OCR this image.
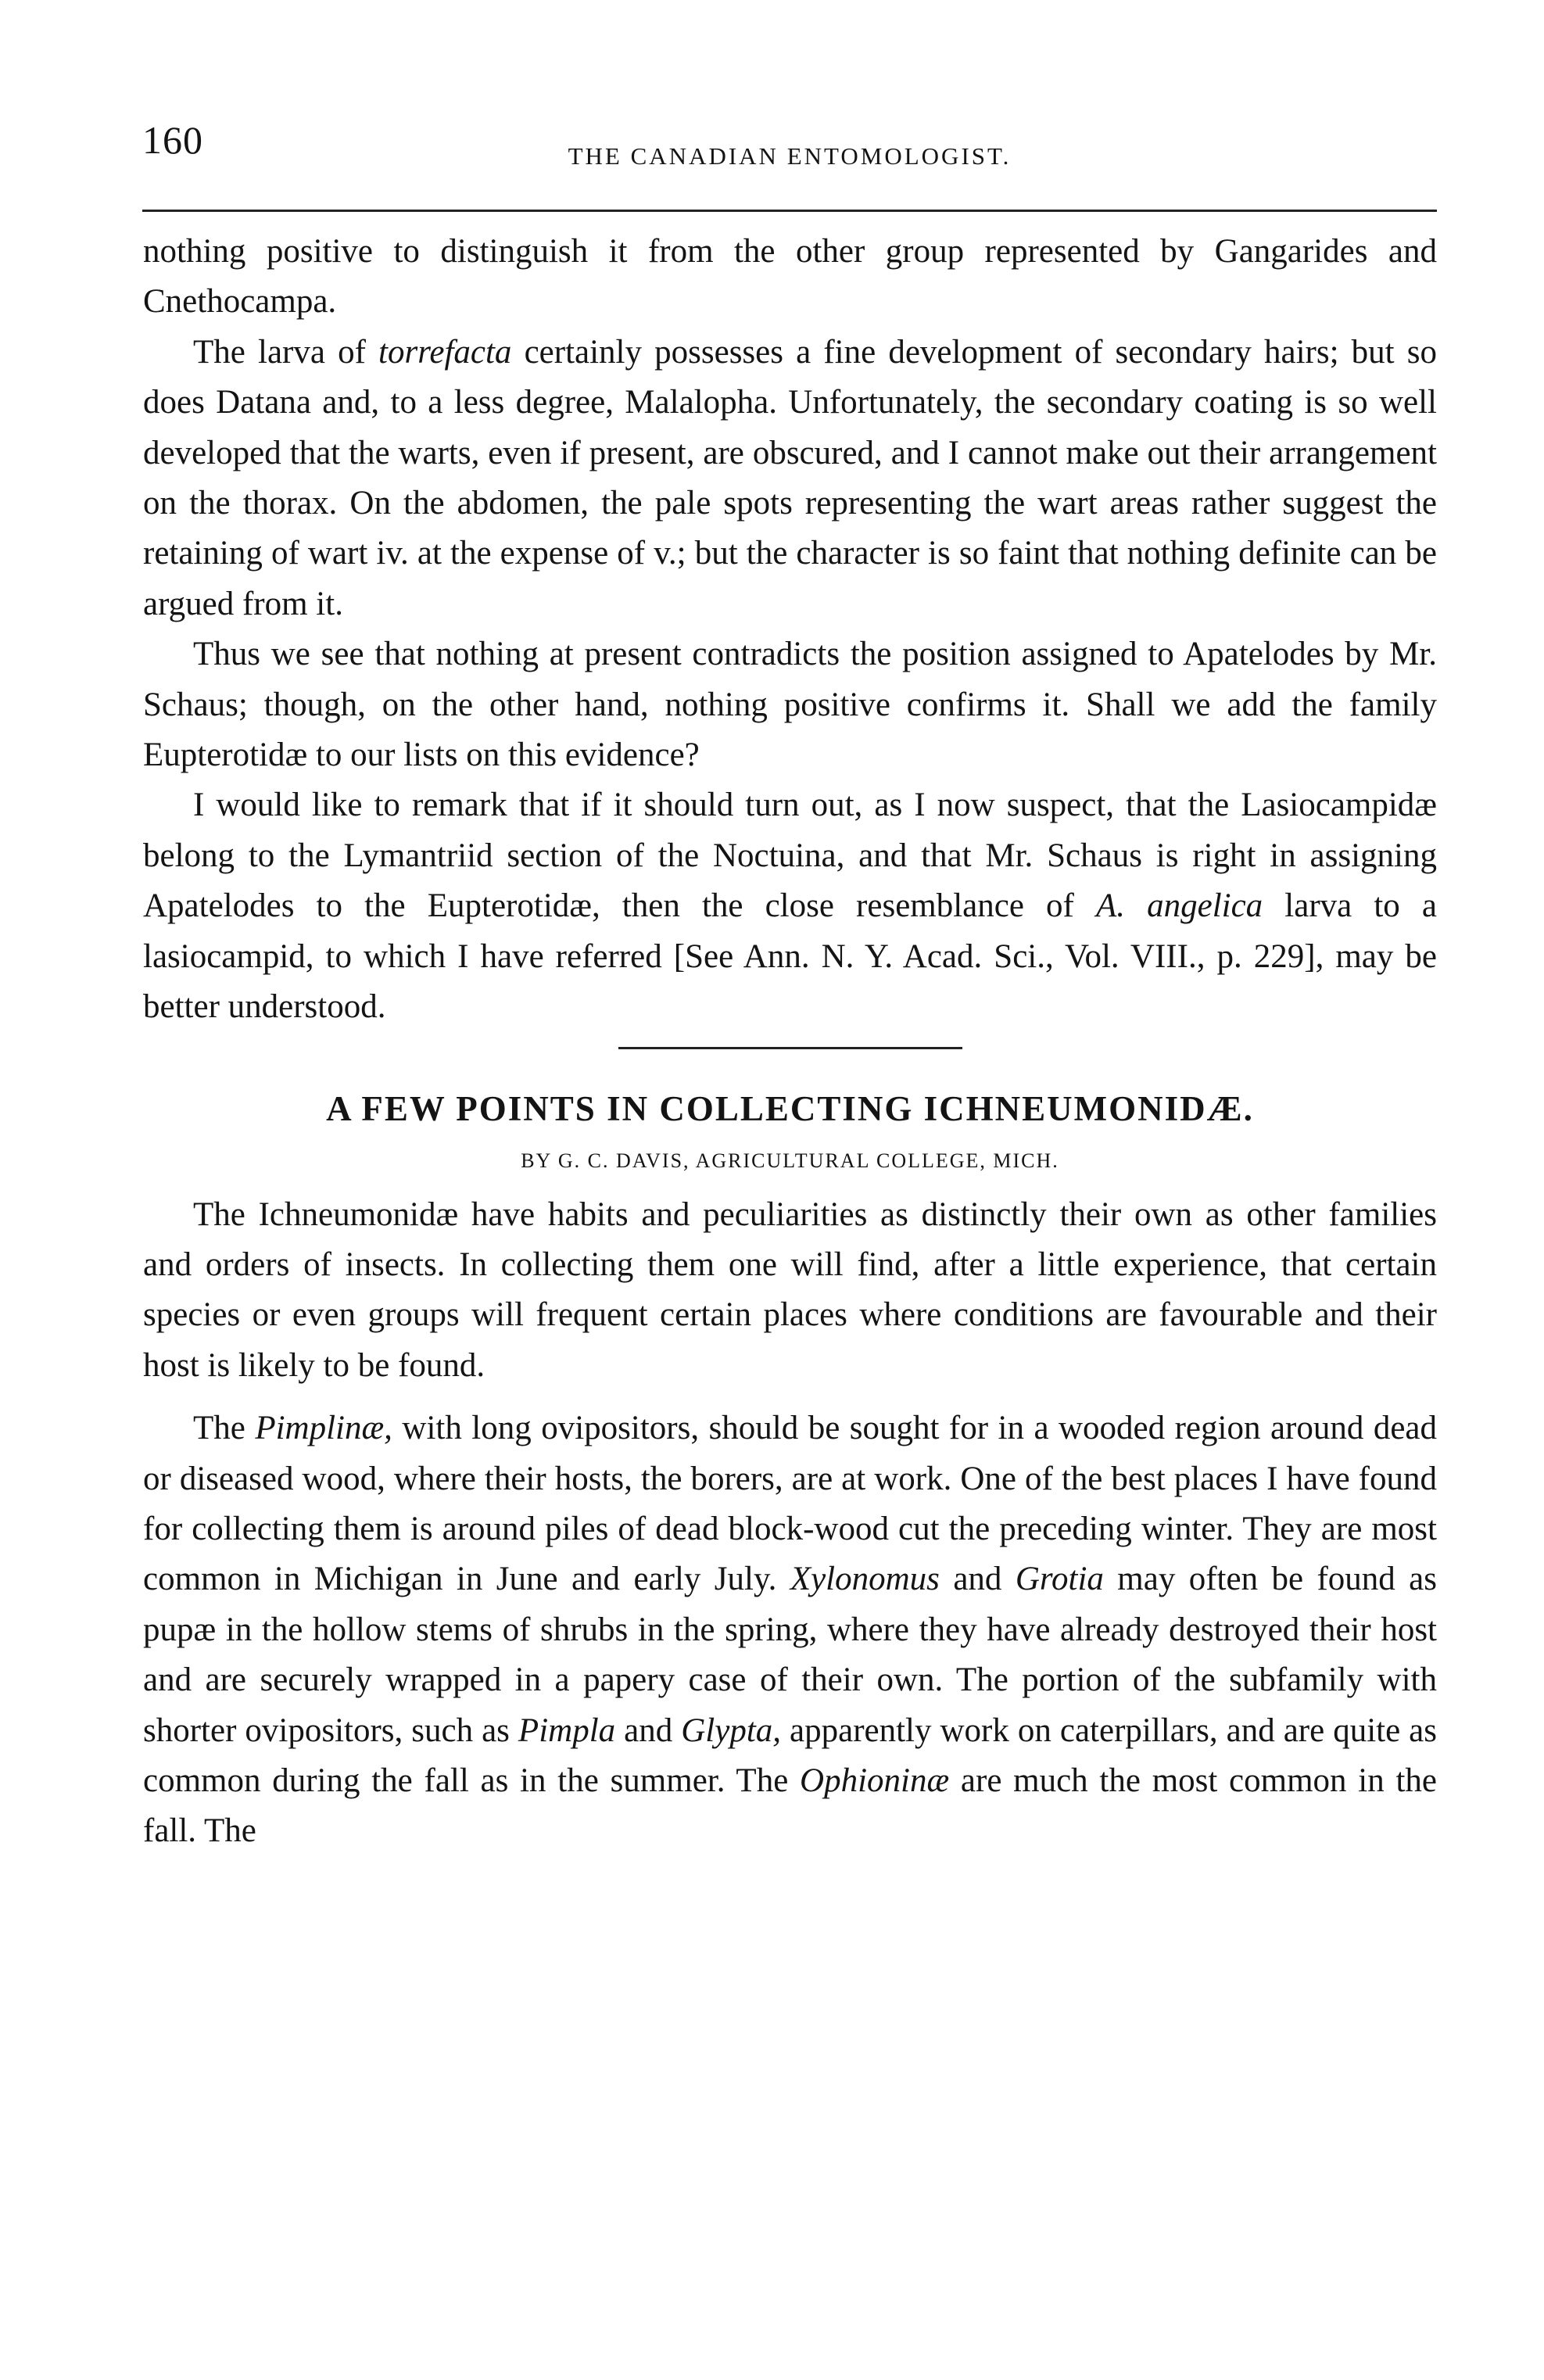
160	THE CANADIAN ENTOMOLOGIST.

nothing positive to distinguish it from the other group represented by Gangarides and Cnethocampa.

The larva of torrefacta certainly possesses a fine development of secondary hairs; but so does Datana and, to a less degree, Malalopha. Unfortunately, the secondary coating is so well developed that the warts, even if present, are obscured, and I cannot make out their arrangement on the thorax. On the abdomen, the pale spots representing the wart areas rather suggest the retaining of wart iv. at the expense of v.; but the character is so faint that nothing definite can be argued from it.

Thus we see that nothing at present contradicts the position assigned to Apatelodes by Mr. Schaus; though, on the other hand, nothing positive confirms it. Shall we add the family Eupterotidæ to our lists on this evidence?

I would like to remark that if it should turn out, as I now suspect, that the Lasiocampidæ belong to the Lymantriid section of the Noctuina, and that Mr. Schaus is right in assigning Apatelodes to the Eupterotidæ, then the close resemblance of A. angelica larva to a lasiocampid, to which I have referred [See Ann. N. Y. Acad. Sci., Vol. VIII., p. 229], may be better understood.

A FEW POINTS IN COLLECTING ICHNEUMONIDÆ.
BY G. C. DAVIS, AGRICULTURAL COLLEGE, MICH.

The Ichneumonidæ have habits and peculiarities as distinctly their own as other families and orders of insects. In collecting them one will find, after a little experience, that certain species or even groups will frequent certain places where conditions are favourable and their host is likely to be found.

The Pimplinæ, with long ovipositors, should be sought for in a wooded region around dead or diseased wood, where their hosts, the borers, are at work. One of the best places I have found for collecting them is around piles of dead block-wood cut the preceding winter. They are most common in Michigan in June and early July. Xylonomus and Grotia may often be found as pupæ in the hollow stems of shrubs in the spring, where they have already destroyed their host and are securely wrapped in a papery case of their own. The portion of the subfamily with shorter ovipositors, such as Pimpla and Glypta, apparently work on caterpillars, and are quite as common during the fall as in the summer. The Ophioninæ are much the most common in the fall. The
